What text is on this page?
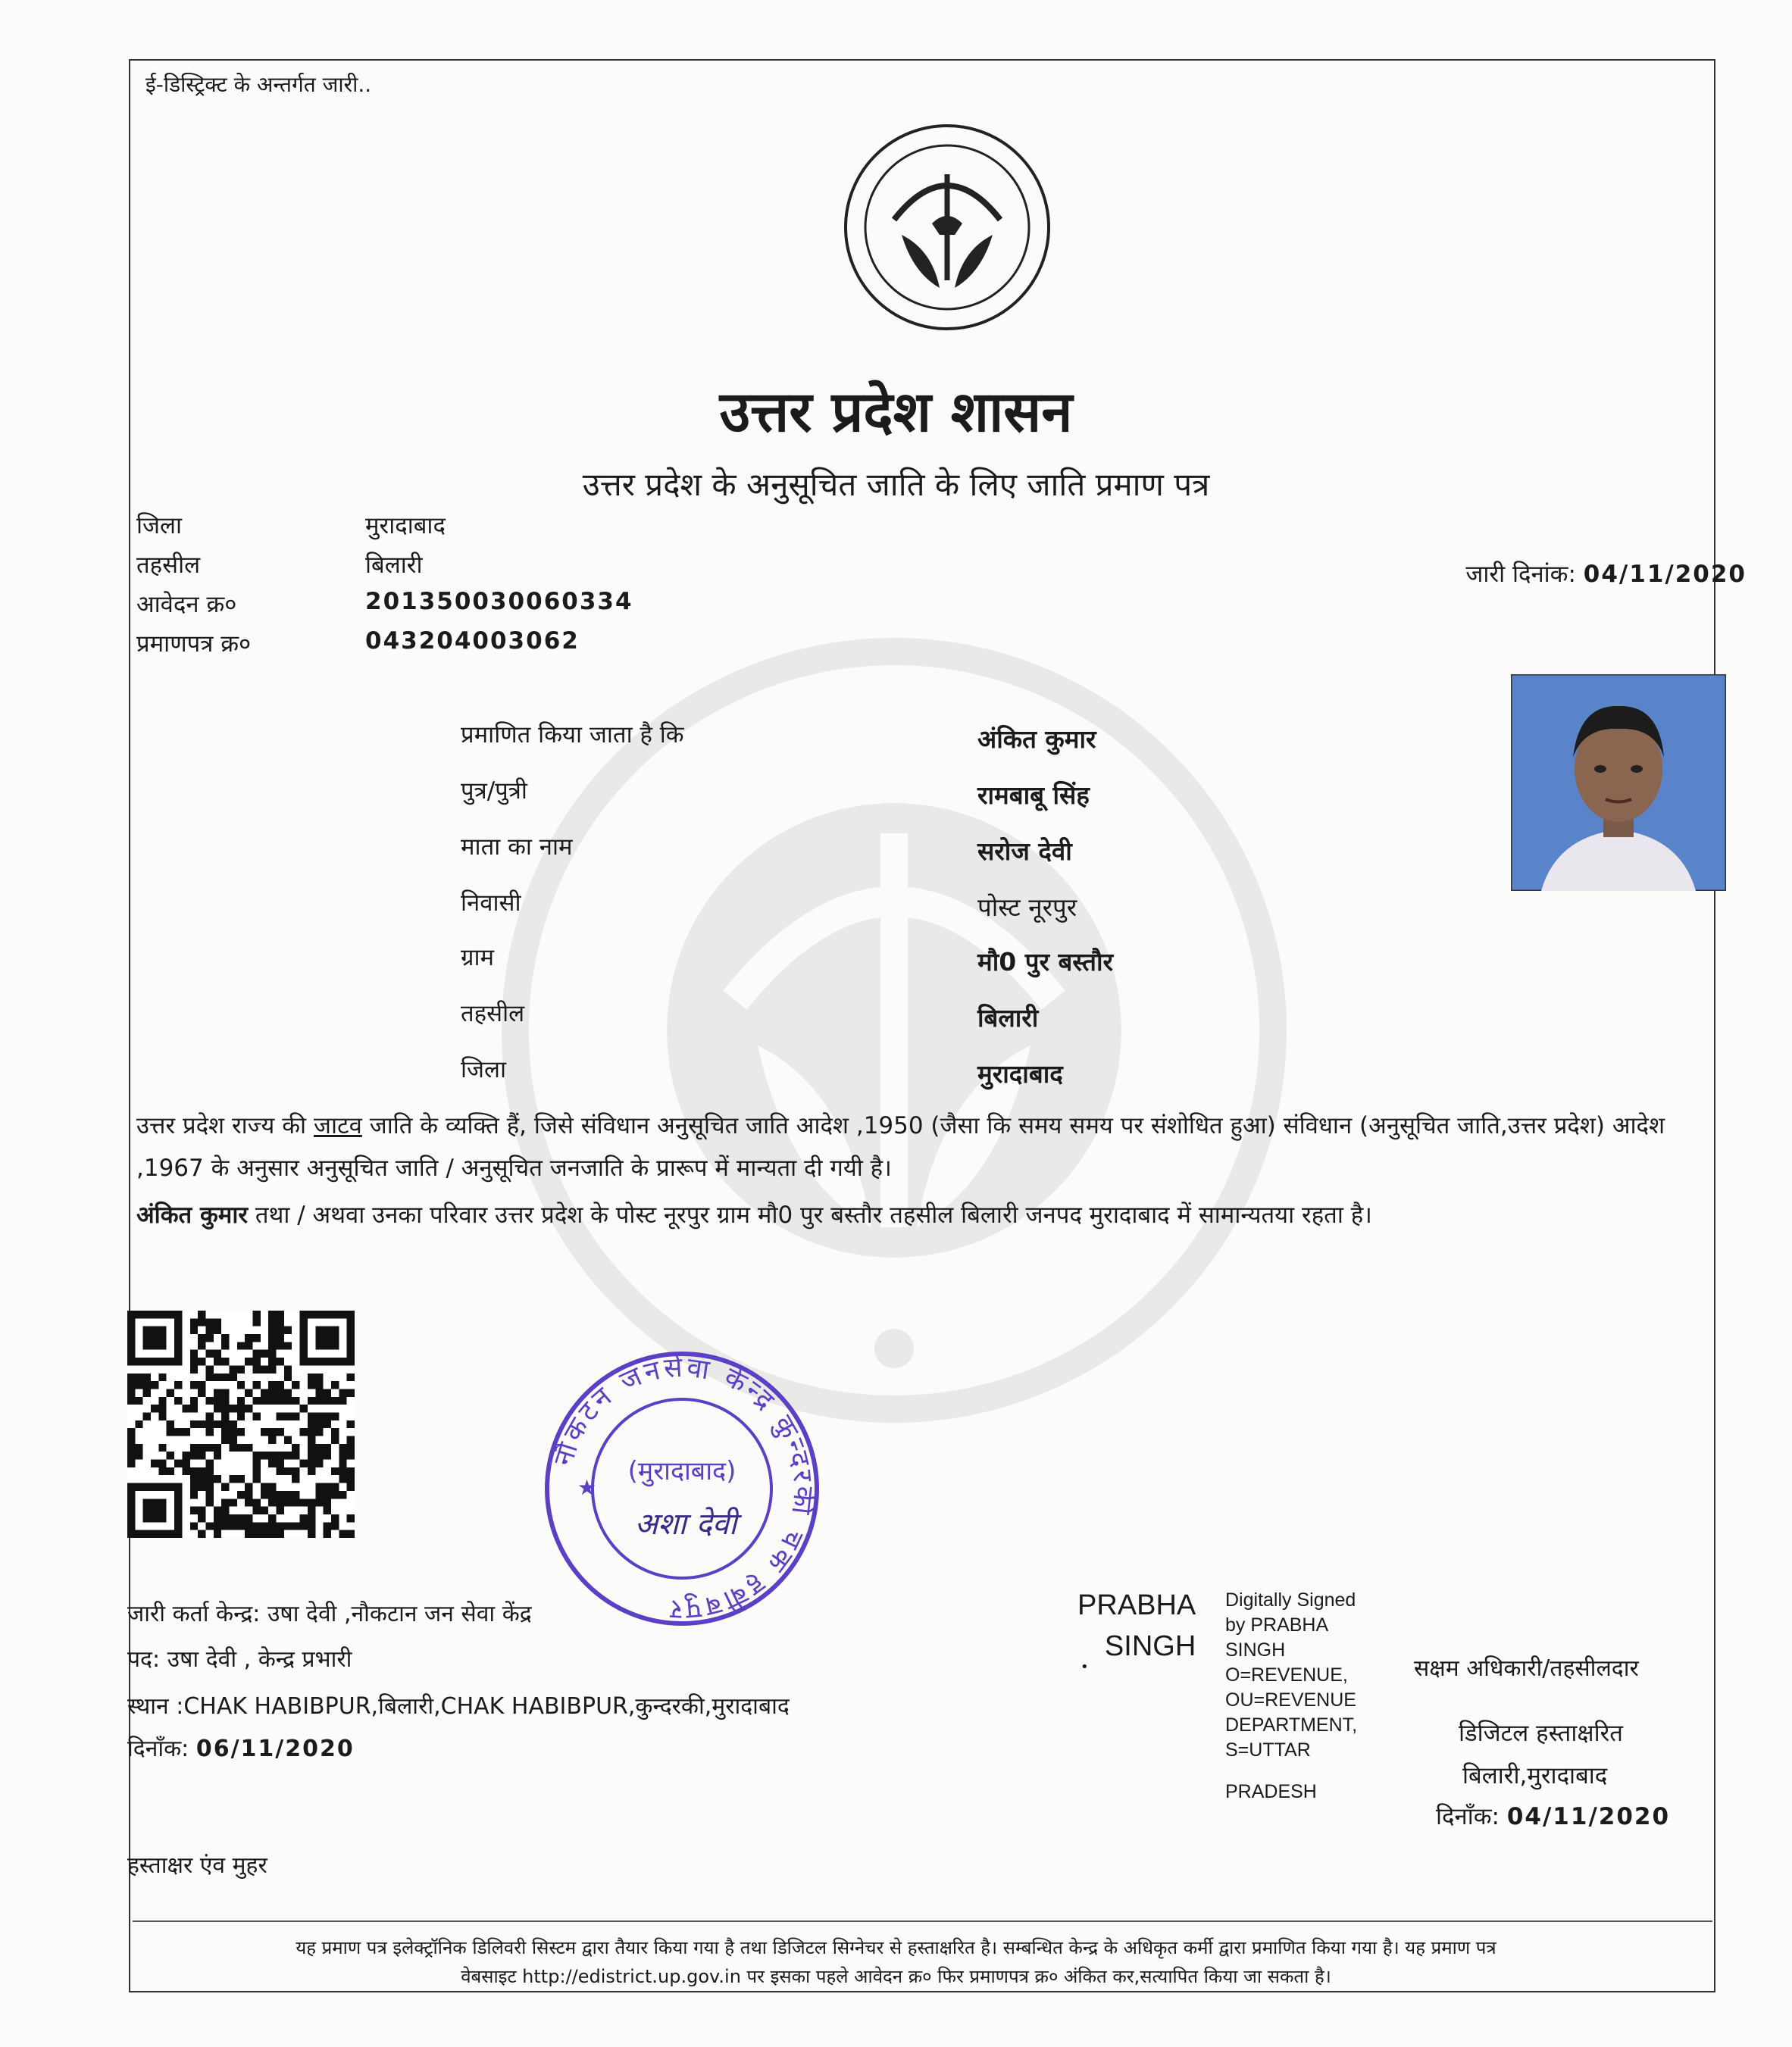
ई-डिस्ट्रिक्ट के अन्तर्गत जारी..
उत्तर प्रदेश शासन
उत्तर प्रदेश के अनुसूचित जाति के लिए जाति प्रमाण पत्र
जिला	मुरादाबाद
तहसील	बिलारी
आवेदन क्र०	201350030060334
प्रमाणपत्र क्र०	043204003062
जारी दिनांक: 04/11/2020
प्रमाणित किया जाता है कि	अंकित कुमार
पुत्र/पुत्री	रामबाबू सिंह
माता का नाम	सरोज देवी
निवासी	पोस्ट नूरपुर
ग्राम	मौ0 पुर बस्तौर
तहसील	बिलारी
जिला	मुरादाबाद
उत्तर प्रदेश राज्य की जाटव जाति के व्यक्ति हैं, जिसे संविधान अनुसूचित जाति आदेश ,1950 (जैसा कि समय समय पर संशोधित हुआ) संविधान (अनुसूचित जाति,उत्तर प्रदेश) आदेश ,1967 के अनुसार अनुसूचित जाति / अनुसूचित जनजाति के प्रारूप में मान्यता दी गयी है।
अंकित कुमार तथा / अथवा उनका परिवार उत्तर प्रदेश के पोस्ट नूरपुर ग्राम मौ0 पुर बस्तौर तहसील बिलारी जनपद मुरादाबाद में सामान्यतया रहता है।
नौकटन जनसेवा केन्द्र कुन्दरकी चक हबीबपुर
(मुरादाबाद)
अशा देवी
★
जारी कर्ता केन्द्र: उषा देवी ,नौकटान जन सेवा केंद्र
पद: उषा देवी , केन्द्र प्रभारी
स्थान :CHAK HABIBPUR,बिलारी,CHAK HABIBPUR,कुन्दरकी,मुरादाबाद
दिनाँक: 06/11/2020
हस्ताक्षर एंव मुहर
PRABHA
SINGH
Digitally Signed
by PRABHA
SINGH
O=REVENUE,
OU=REVENUE
DEPARTMENT,
S=UTTAR
PRADESH
•	सक्षम अधिकारी/तहसीलदार
डिजिटल हस्ताक्षरित
बिलारी,मुरादाबाद
दिनाँक: 04/11/2020
यह प्रमाण पत्र इलेक्ट्रॉनिक डिलिवरी सिस्टम द्वारा तैयार किया गया है तथा डिजिटल सिग्नेचर से हस्ताक्षरित है। सम्बन्धित केन्द्र के अधिकृत कर्मी द्वारा प्रमाणित किया गया है। यह प्रमाण पत्र
वेबसाइट http://edistrict.up.gov.in पर इसका पहले आवेदन क्र० फिर प्रमाणपत्र क्र० अंकित कर,सत्यापित किया जा सकता है।
